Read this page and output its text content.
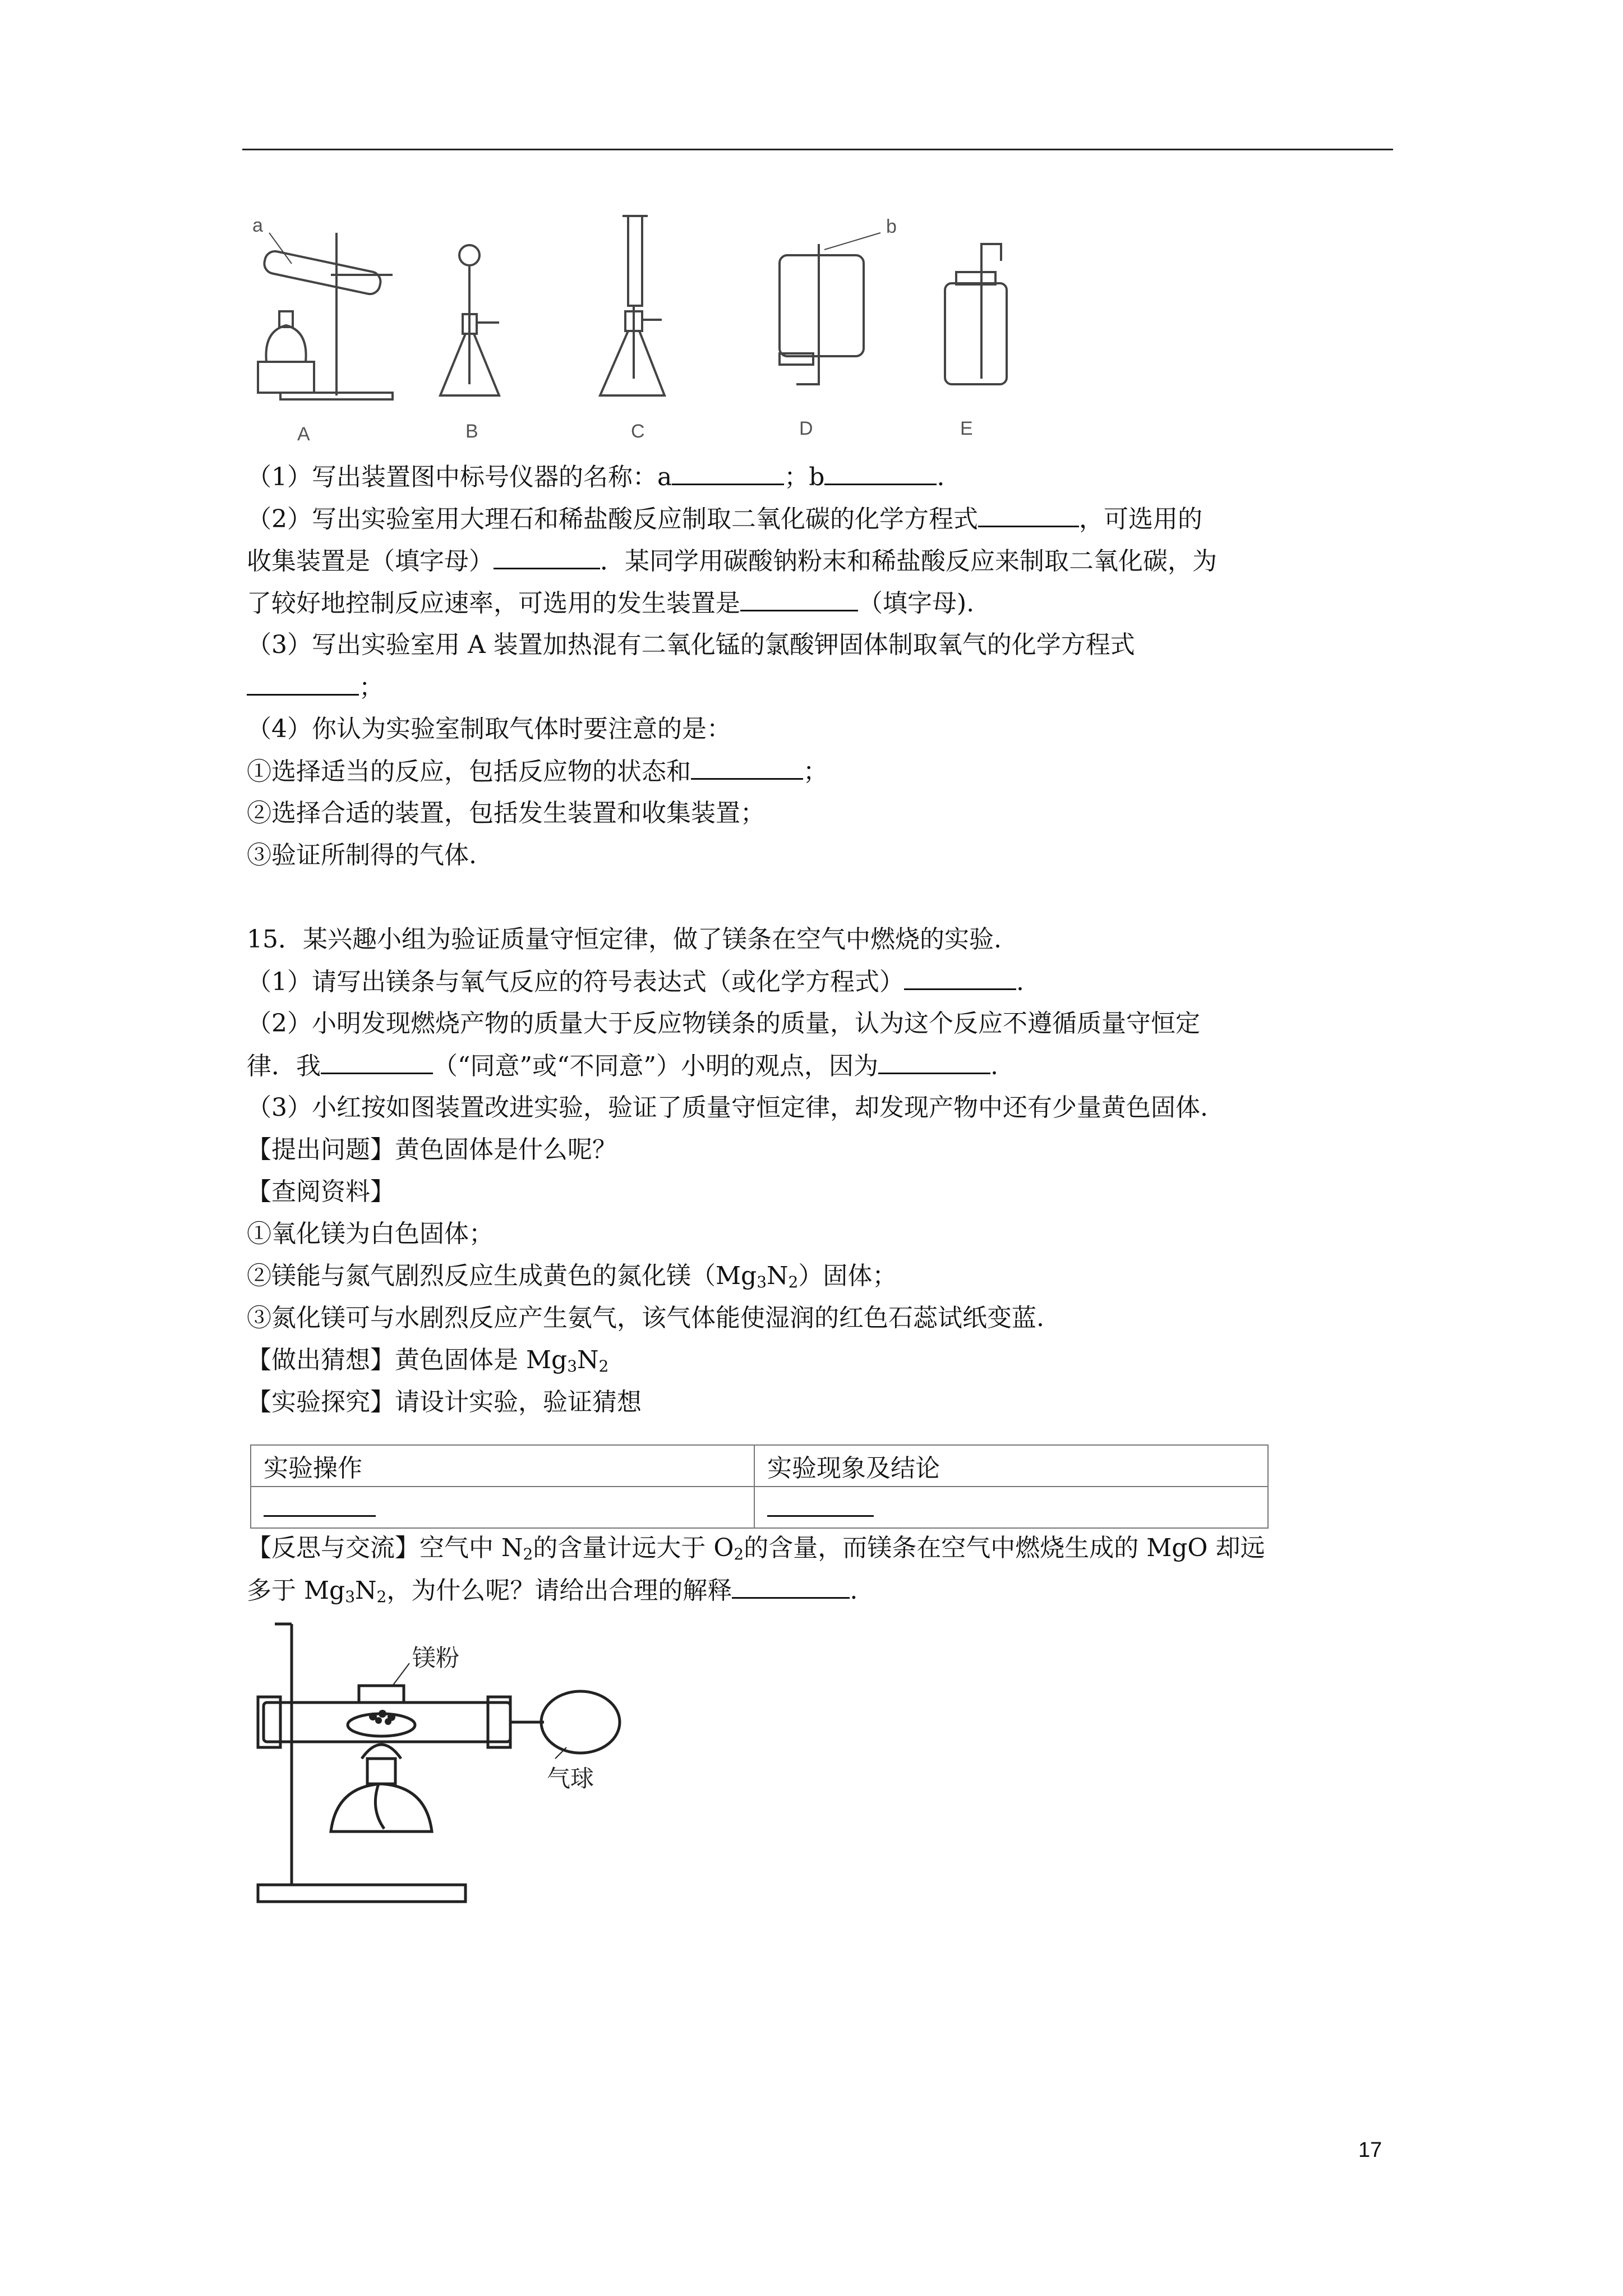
a	b
A	B	C	D	E
（1）写出装置图中标号仪器的名称：a	；b	.
（2）写出实验室用大理石和稀盐酸反应制取二氧化碳的化学方程式	，可选用的
收集装置是（填字母）	．某同学用碳酸钠粉末和稀盐酸反应来制取二氧化碳，为
了较好地控制反应速率，可选用的发生装置是	（填字母).
（3）写出实验室用 A 装置加热混有二氧化锰的氯酸钾固体制取氧气的化学方程式
；
（4）你认为实验室制取气体时要注意的是：
①选择适当的反应，包括反应物的状态和	；
②选择合适的装置，包括发生装置和收集装置；
③验证所制得的气体.
15．某兴趣小组为验证质量守恒定律，做了镁条在空气中燃烧的实验.
（1）请写出镁条与氧气反应的符号表达式（或化学方程式）	.
（2）小明发现燃烧产物的质量大于反应物镁条的质量，认为这个反应不遵循质量守恒定
律．我	（“同意”或“不同意”）小明的观点，因为	.
（3）小红按如图装置改进实验，验证了质量守恒定律，却发现产物中还有少量黄色固体.
【提出问题】黄色固体是什么呢？
【查阅资料】
①氧化镁为白色固体；
②镁能与氮气剧烈反应生成黄色的氮化镁$(Mg_3N_2)$固体；
③氮化镁可与水剧烈反应产生氨气，该气体能使湿润的红色石蕊试纸变蓝.
【做出猜想】黄色固体是 $Mg_3N_2$
【实验探究】请设计实验，验证猜想
实验操作	实验现象及结论

【反思与交流】空气中 $N_2$的含量计远大于 $O_2$的含量，而镁条在空气中燃烧生成的 MgO 却远
多于 $Mg_3N_2$，为什么呢？请给出合理的解释	.
镁粉
气球
17
